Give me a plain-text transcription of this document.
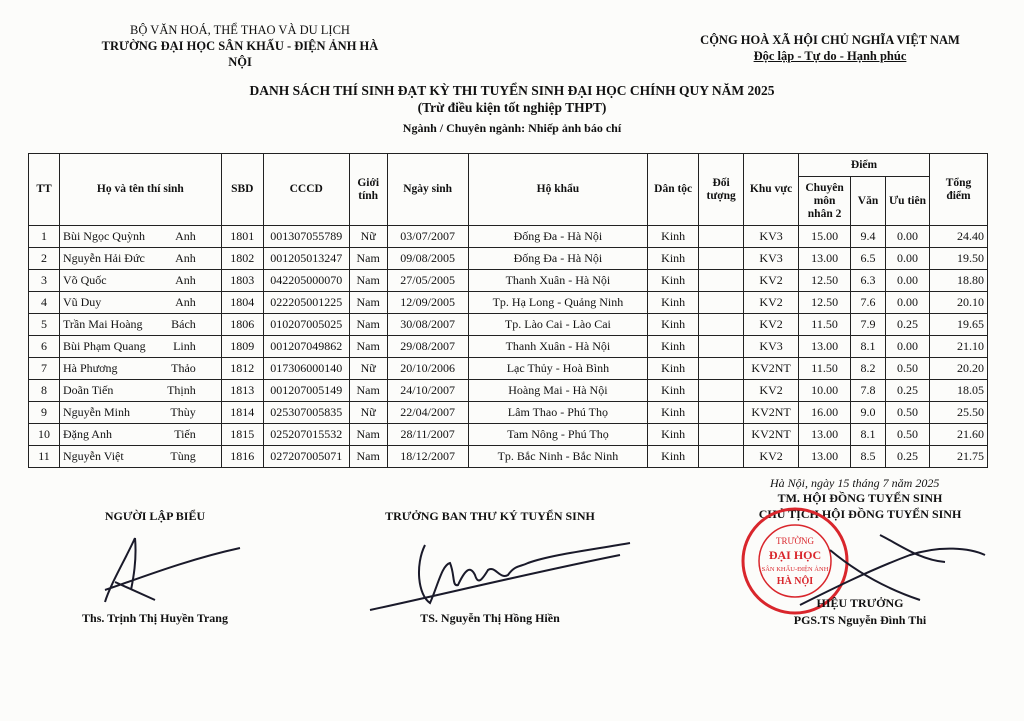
BỘ VĂN HOÁ, THỂ THAO VÀ DU LỊCH
TRƯỜNG ĐẠI HỌC SÂN KHẤU - ĐIỆN ẢNH HÀ NỘI
CỘNG HOÀ XÃ HỘI CHỦ NGHĨA VIỆT NAM
Độc lập - Tự do - Hạnh phúc
DANH SÁCH THÍ SINH ĐẠT KỲ THI TUYỂN SINH ĐẠI HỌC CHÍNH QUY NĂM 2025
(Trừ điều kiện tốt nghiệp THPT)
Ngành / Chuyên ngành: Nhiếp ảnh báo chí
TT	Họ và tên thí sinh	SBD	CCCD	Giới tính	Ngày sinh	Hộ khẩu	Dân tộc	Đối tượng	Khu vực	Điểm			Tổng điểm
										Chuyên môn nhân 2	Văn	Ưu tiên	
1	Bùi Ngọc Quỳnh Anh	1801	001307055789	Nữ	03/07/2007	Đống Đa - Hà Nội	Kinh		KV3	15.00	9.4	0.00	24.40
2	Nguyễn Hải Đức Anh	1802	001205013247	Nam	09/08/2005	Đống Đa - Hà Nội	Kinh		KV3	13.00	6.5	0.00	19.50
3	Võ Quốc Anh	1803	042205000070	Nam	27/05/2005	Thanh Xuân - Hà Nội	Kinh		KV2	12.50	6.3	0.00	18.80
4	Vũ Duy Anh	1804	022205001225	Nam	12/09/2005	Tp. Hạ Long - Quảng Ninh	Kinh		KV2	12.50	7.6	0.00	20.10
5	Trần Mai Hoàng Bách	1806	010207005025	Nam	30/08/2007	Tp. Lào Cai - Lào Cai	Kinh		KV2	11.50	7.9	0.25	19.65
6	Bùi Phạm Quang Linh	1809	001207049862	Nam	29/08/2007	Thanh Xuân - Hà Nội	Kinh		KV3	13.00	8.1	0.00	21.10
7	Hà Phương Thảo	1812	017306000140	Nữ	20/10/2006	Lạc Thủy - Hoà Bình	Kinh		KV2NT	11.50	8.2	0.50	20.20
8	Doãn Tiến Thịnh	1813	001207005149	Nam	24/10/2007	Hoàng Mai - Hà Nội	Kinh		KV2	10.00	7.8	0.25	18.05
9	Nguyễn Minh Thùy	1814	025307005835	Nữ	22/04/2007	Lâm Thao - Phú Thọ	Kinh		KV2NT	16.00	9.0	0.50	25.50
10	Đặng Anh Tiến	1815	025207015532	Nam	28/11/2007	Tam Nông - Phú Thọ	Kinh		KV2NT	13.00	8.1	0.50	21.60
11	Nguyễn Việt Tùng	1816	027207005071	Nam	18/12/2007	Tp. Bắc Ninh - Bắc Ninh	Kinh		KV2	13.00	8.5	0.25	21.75
Hà Nội, ngày 15 tháng 7 năm 2025
NGƯỜI LẬP BIỂU	TRƯỞNG BAN THƯ KÝ TUYỂN SINH
TM. HỘI ĐỒNG TUYỂN SINH
CHỦ TỊCH HỘI ĐỒNG TUYỂN SINH
TRƯỜNG
ĐẠI HỌC
SÂN KHẤU-ĐIỆN ẢNH
HÀ NỘI
Ths. Trịnh Thị Huyền Trang	TS. Nguyễn Thị Hồng Hiền
HIỆU TRƯỞNG
PGS.TS Nguyễn Đình Thi
